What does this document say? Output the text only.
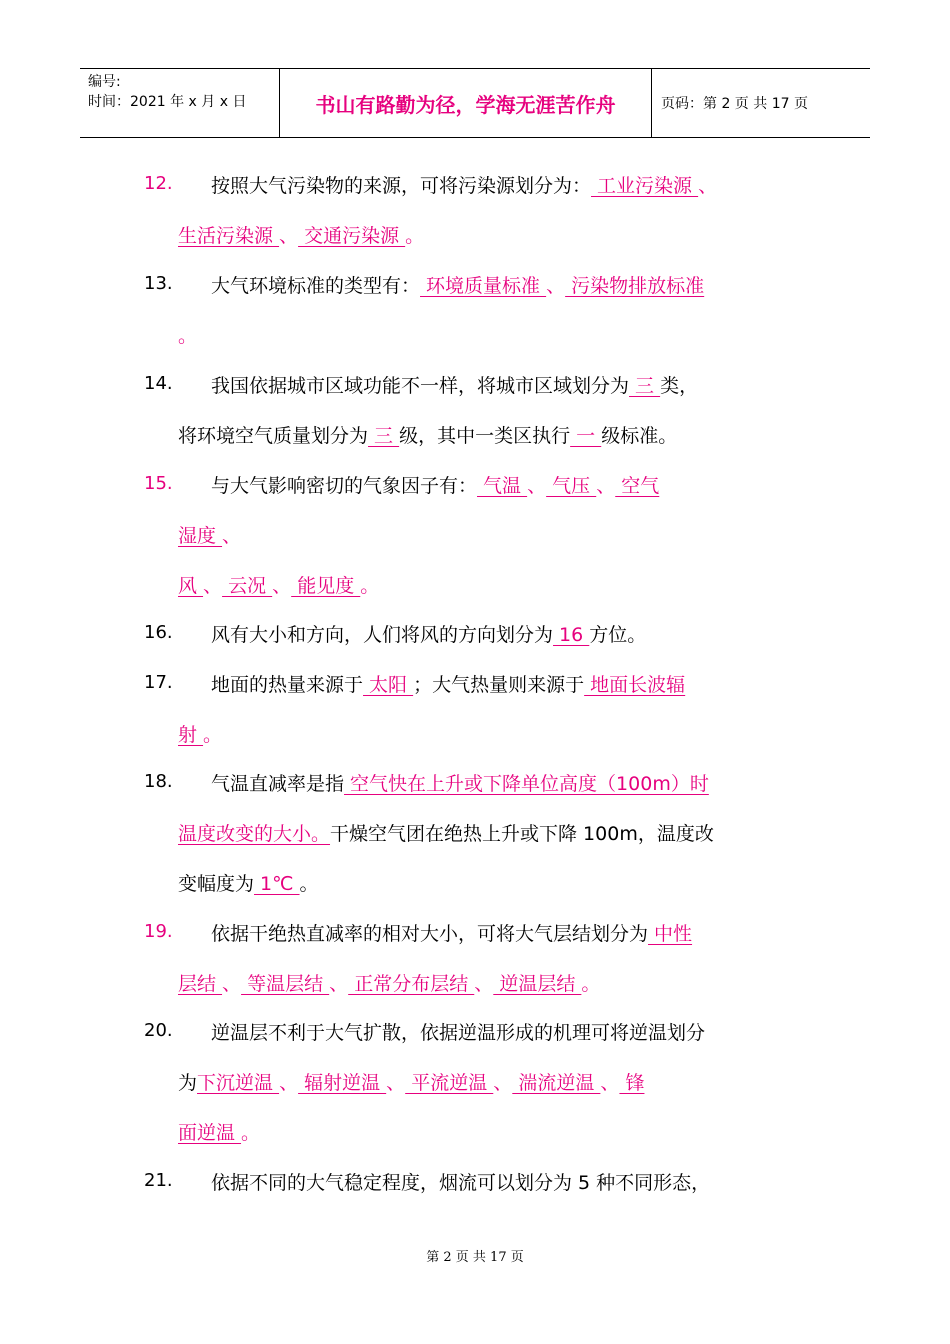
编号:
时间：2021 年 x 月 x 日	书山有路勤为径，学海无涯苦作舟	页码：第 2 页 共 17 页
12. 按照大气污染物的来源，可将污染源划分为： 工业污染源 、
生活污染源 、 交通污染源 。
13. 大气环境标准的类型有： 环境质量标准 、 污染物排放标准
。
14. 我国依据城市区域功能不一样，将城市区域划分为 三 类，
将环境空气质量划分为 三 级，其中一类区执行 一 级标准。
15. 与大气影响密切的气象因子有： 气温 、 气压 、 空气
湿度 、
风 、 云况 、 能见度 。
16. 风有大小和方向，人们将风的方向划分为 16 方位。
17. 地面的热量来源于 太阳 ；大气热量则来源于 地面长波辐
射 。
18. 气温直减率是指 空气快在上升或下降单位高度（100m）时
温度改变的大小。干燥空气团在绝热上升或下降 100m，温度改
变幅度为 1℃ 。
19. 依据干绝热直减率的相对大小，可将大气层结划分为 中性
层结 、 等温层结 、 正常分布层结 、 逆温层结 。
20. 逆温层不利于大气扩散，依据逆温形成的机理可将逆温划分
为下沉逆温 、 辐射逆温 、 平流逆温 、 湍流逆温 、 锋
面逆温 。
21. 依据不同的大气稳定程度，烟流可以划分为 5 种不同形态，
第 2 页 共 17 页
